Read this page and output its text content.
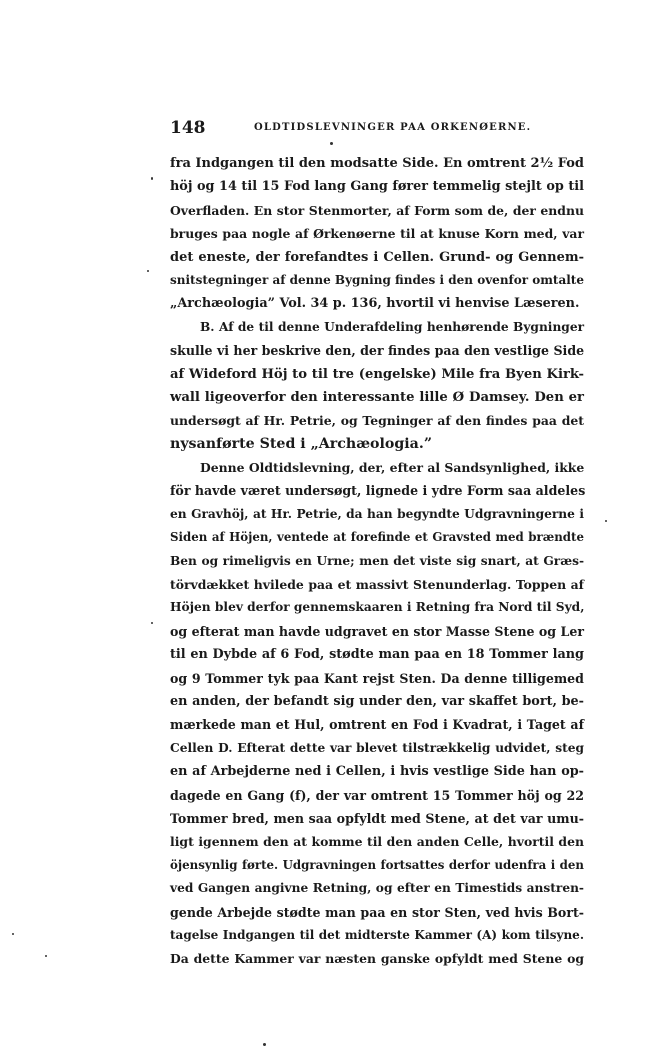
148	OLDTIDSLEVNINGER PAA ORKENØERNE.
fra Indgangen til den modsatte Side. En omtrent 2½ Fod
höj og 14 til 15 Fod lang Gang fører temmelig stejlt op til
Overfladen. En stor Stenmorter, af Form som de, der endnu
bruges paa nogle af Ørkenøerne til at knuse Korn med, var
det eneste, der forefandtes i Cellen. Grund- og Gennem-
snitstegninger af denne Bygning findes i den ovenfor omtalte
„Archæologia” Vol. 34 p. 136, hvortil vi henvise Læseren.
B. Af de til denne Underafdeling henhørende Bygninger
skulle vi her beskrive den, der findes paa den vestlige Side
af Wideford Höj to til tre (engelske) Mile fra Byen Kirk-
wall ligeoverfor den interessante lille Ø Damsey. Den er
undersøgt af Hr. Petrie, og Tegninger af den findes paa det
nysanførte Sted i „Archæologia.”
Denne Oldtidslevning, der, efter al Sandsynlighed, ikke
för havde været undersøgt, lignede i ydre Form saa aldeles
en Gravhöj, at Hr. Petrie, da han begyndte Udgravningerne i
Siden af Höjen, ventede at forefinde et Gravsted med brændte
Ben og rimeligvis en Urne; men det viste sig snart, at Græs-
törvdækket hvilede paa et massivt Stenunderlag. Toppen af
Höjen blev derfor gennemskaaren i Retning fra Nord til Syd,
og efterat man havde udgravet en stor Masse Stene og Ler
til en Dybde af 6 Fod, stødte man paa en 18 Tommer lang
og 9 Tommer tyk paa Kant rejst Sten. Da denne tilligemed
en anden, der befandt sig under den, var skaffet bort, be-
mærkede man et Hul, omtrent en Fod i Kvadrat, i Taget af
Cellen D. Efterat dette var blevet tilstrækkelig udvidet, steg
en af Arbejderne ned i Cellen, i hvis vestlige Side han op-
dagede en Gang (f), der var omtrent 15 Tommer höj og 22
Tommer bred, men saa opfyldt med Stene, at det var umu-
ligt igennem den at komme til den anden Celle, hvortil den
öjensynlig førte. Udgravningen fortsattes derfor udenfra i den
ved Gangen angivne Retning, og efter en Timestids anstren-
gende Arbejde stødte man paa en stor Sten, ved hvis Bort-
tagelse Indgangen til det midterste Kammer (A) kom tilsyne.
Da dette Kammer var næsten ganske opfyldt med Stene og
